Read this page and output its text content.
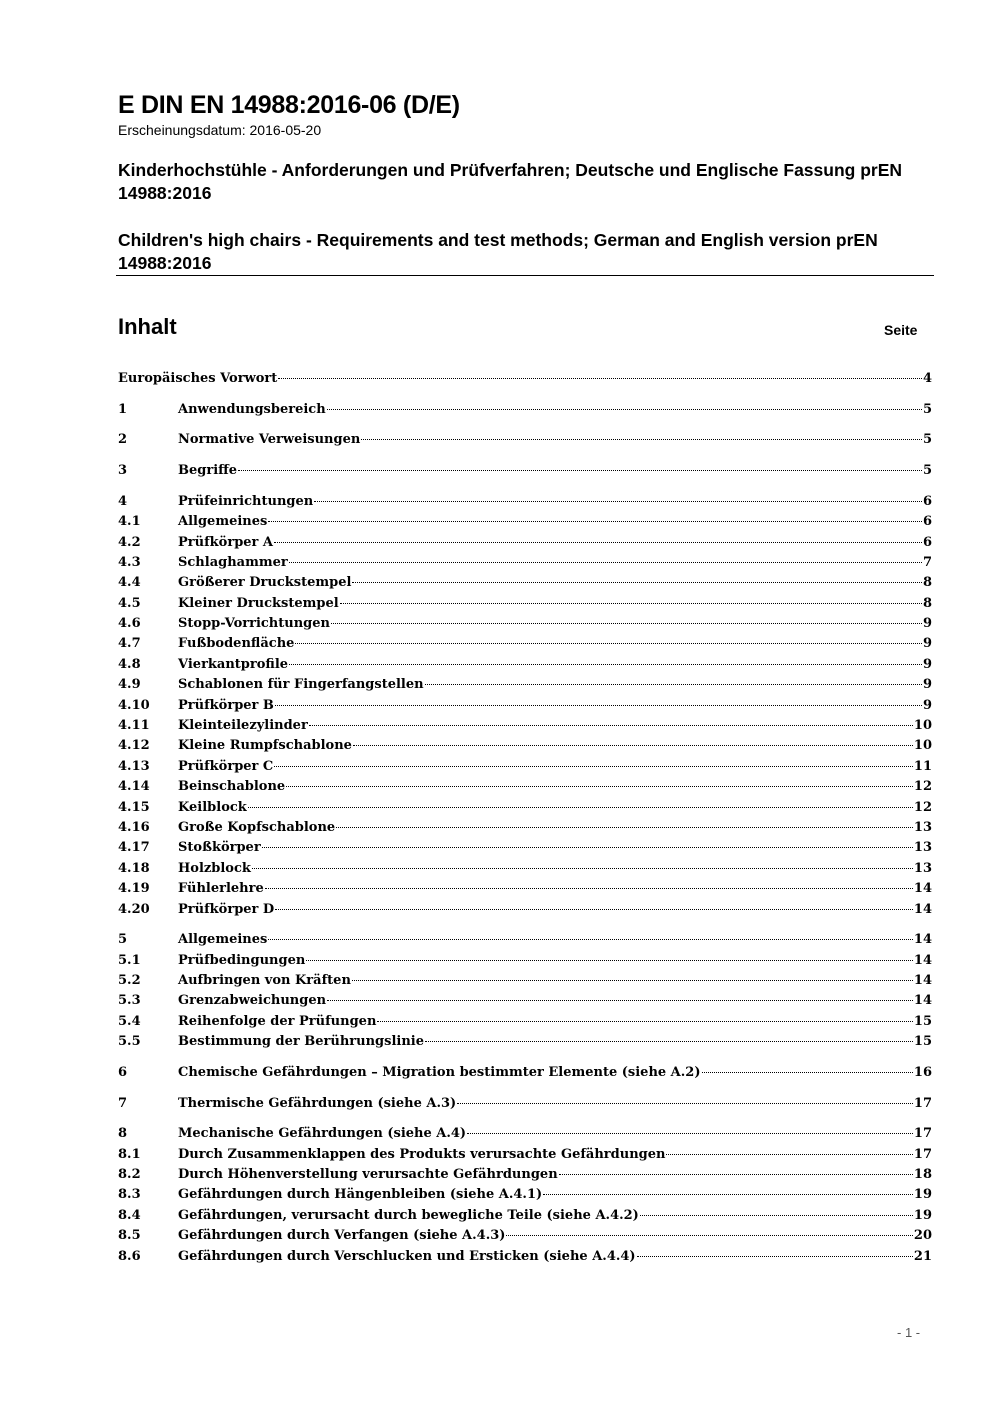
E DIN EN 14988:2016-06 (D/E)
Erscheinungsdatum: 2016-05-20
Kinderhochstühle - Anforderungen und Prüfverfahren; Deutsche und Englische Fassung prEN 14988:2016
Children's high chairs - Requirements and test methods; German and English version prEN 14988:2016
Inhalt	Seite
Europäisches Vorwort	4
1	Anwendungsbereich	5
2	Normative Verweisungen	5
3	Begriffe	5
4	Prüfeinrichtungen	6
4.1	Allgemeines	6
4.2	Prüfkörper A	6
4.3	Schlaghammer	7
4.4	Größerer Druckstempel	8
4.5	Kleiner Druckstempel	8
4.6	Stopp-Vorrichtungen	9
4.7	Fußbodenfläche	9
4.8	Vierkantprofile	9
4.9	Schablonen für Fingerfangstellen	9
4.10	Prüfkörper B	9
4.11	Kleinteilezylinder	10
4.12	Kleine Rumpfschablone	10
4.13	Prüfkörper C	11
4.14	Beinschablone	12
4.15	Keilblock	12
4.16	Große Kopfschablone	13
4.17	Stoßkörper	13
4.18	Holzblock	13
4.19	Fühlerlehre	14
4.20	Prüfkörper D	14
5	Allgemeines	14
5.1	Prüfbedingungen	14
5.2	Aufbringen von Kräften	14
5.3	Grenzabweichungen	14
5.4	Reihenfolge der Prüfungen	15
5.5	Bestimmung der Berührungslinie	15
6	Chemische Gefährdungen – Migration bestimmter Elemente (siehe A.2)	16
7	Thermische Gefährdungen (siehe A.3)	17
8	Mechanische Gefährdungen (siehe A.4)	17
8.1	Durch Zusammenklappen des Produkts verursachte Gefährdungen	17
8.2	Durch Höhenverstellung verursachte Gefährdungen	18
8.3	Gefährdungen durch Hängenbleiben (siehe A.4.1)	19
8.4	Gefährdungen, verursacht durch bewegliche Teile (siehe A.4.2)	19
8.5	Gefährdungen durch Verfangen (siehe A.4.3)	20
8.6	Gefährdungen durch Verschlucken und Ersticken (siehe A.4.4)	21
- 1 -
